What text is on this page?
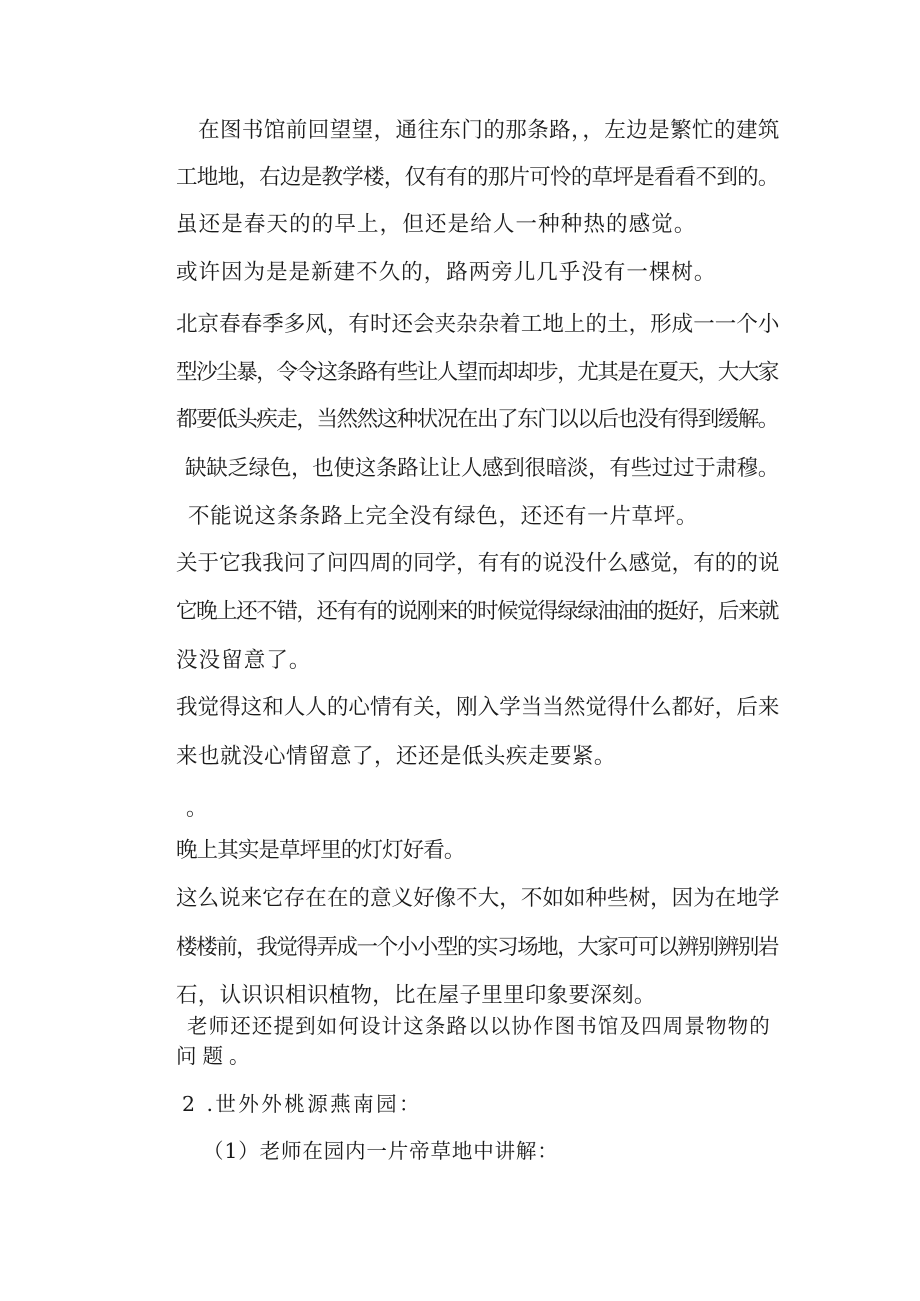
在图书馆前回望望，通往东门的那条路，，左边是繁忙的建筑
工地地，右边是教学楼，仅有有的那片可怜的草坪是看看不到的。
虽还是春天的的早上，但还是给人一种种热的感觉。
或许因为是是新建不久的，路两旁儿几乎没有一棵树。
北京春春季多风，有时还会夹杂杂着工地上的土，形成一一个小
型沙尘暴，令令这条路有些让人望而却却步，尤其是在夏天，大大家
都要低头疾走，当然然这种状况在出了东门以以后也没有得到缓解。
缺缺乏绿色，也使这条路让让人感到很暗淡，有些过过于肃穆。
不能说这条条路上完全没有绿色，还还有一片草坪。
关于它我我问了问四周的同学，有有的说没什么感觉，有的的说
它晚上还不错，还有有的说刚来的时候觉得绿绿油油的挺好，后来就
没没留意了。
我觉得这和人人的心情有关，刚入学当当然觉得什么都好，后来
来也就没心情留意了，还还是低头疾走要紧。
。
晚上其实是草坪里的灯灯好看。
这么说来它存在在的意义好像不大，不如如种些树，因为在地学
楼楼前，我觉得弄成一个小小型的实习场地，大家可可以辨别辨别岩
石，认识识相识植物，比在屋子里里印象要深刻。
老师还还提到如何设计这条路以以协作图书馆及四周景物物的
问题。
2 .世外外桃源燕南园：
（1）老师在园内一片帝草地中讲解：
